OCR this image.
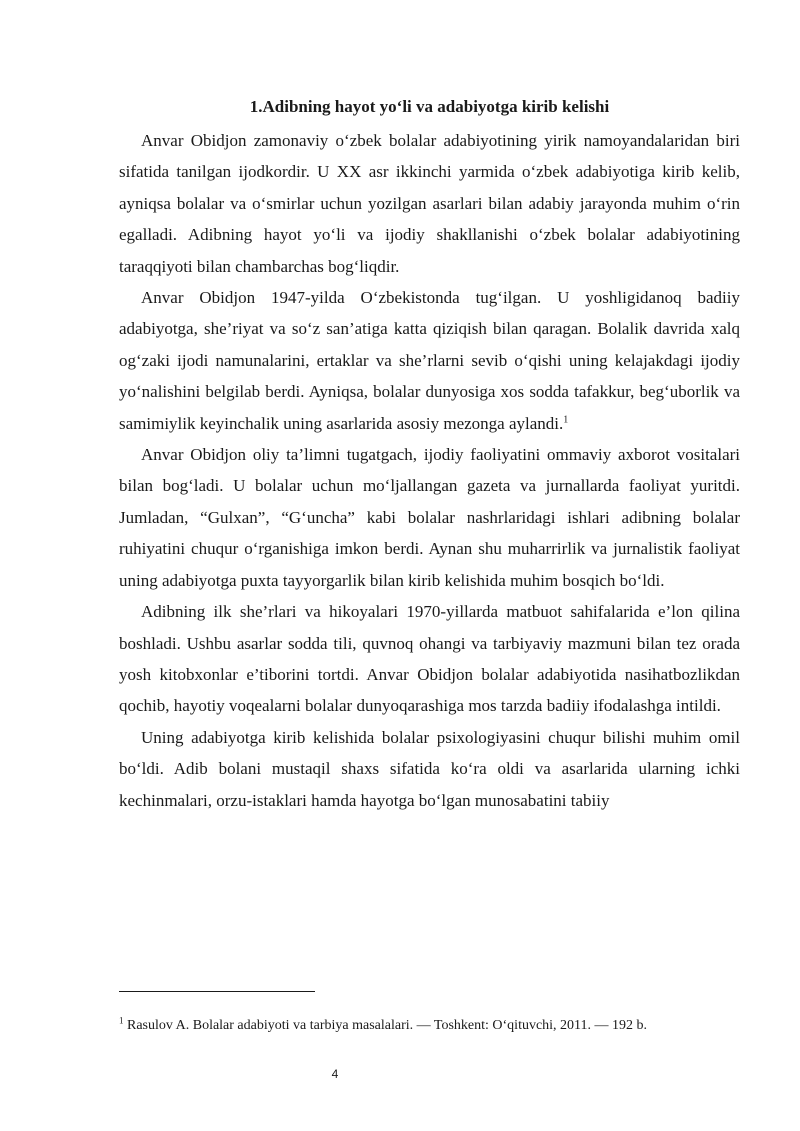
1.Adibning hayot yo‘li va adabiyotga kirib kelishi

Anvar Obidjon zamonaviy o‘zbek bolalar adabiyotining yirik namoyandalaridan biri sifatida tanilgan ijodkordir. U XX asr ikkinchi yarmida o‘zbek adabiyotiga kirib kelib, ayniqsa bolalar va o‘smirlar uchun yozilgan asarlari bilan adabiy jarayonda muhim o‘rin egalladi. Adibning hayot yo‘li va ijodiy shakllanishi o‘zbek bolalar adabiyotining taraqqiyoti bilan chambarchas bog‘liqdir.

Anvar Obidjon 1947-yilda O‘zbekistonda tug‘ilgan. U yoshligidanoq badiiy adabiyotga, she’riyat va so‘z san’atiga katta qiziqish bilan qaragan. Bolalik davrida xalq og‘zaki ijodi namunalarini, ertaklar va she’rlarni sevib o‘qishi uning kelajakdagi ijodiy yo‘nalishini belgilab berdi. Ayniqsa, bolalar dunyosiga xos sodda tafakkur, beg‘uborlik va samimiylik keyinchalik uning asarlarida asosiy mezonga aylandi.$^1$

Anvar Obidjon oliy ta’limni tugatgach, ijodiy faoliyatini ommaviy axborot vositalari bilan bog‘ladi. U bolalar uchun mo‘ljallangan gazeta va jurnallarda faoliyat yuritdi. Jumladan, “Gulxan”, “G‘uncha” kabi bolalar nashrlaridagi ishlari adibning bolalar ruhiyatini chuqur o‘rganishiga imkon berdi. Aynan shu muharrirlik va jurnalistik faoliyat uning adabiyotga puxta tayyorgarlik bilan kirib kelishida muhim bosqich bo‘ldi.

Adibning ilk she’rlari va hikoyalari 1970-yillarda matbuot sahifalarida e’lon qilina boshladi. Ushbu asarlar sodda tili, quvnoq ohangi va tarbiyaviy mazmuni bilan tez orada yosh kitobxonlar e’tiborini tortdi. Anvar Obidjon bolalar adabiyotida nasihatbozlikdan qochib, hayotiy voqealarni bolalar dunyoqarashiga mos tarzda badiiy ifodalashga intildi.

Uning adabiyotga kirib kelishida bolalar psixologiyasini chuqur bilishi muhim omil bo‘ldi. Adib bolani mustaqil shaxs sifatida ko‘ra oldi va asarlarida ularning ichki kechinmalari, orzu-istaklari hamda hayotga bo‘lgan munosabatini tabiiy

$^1$ Rasulov A. Bolalar adabiyoti va tarbiya masalalari. — Toshkent: O‘qituvchi, 2011. — 192 b.

4
